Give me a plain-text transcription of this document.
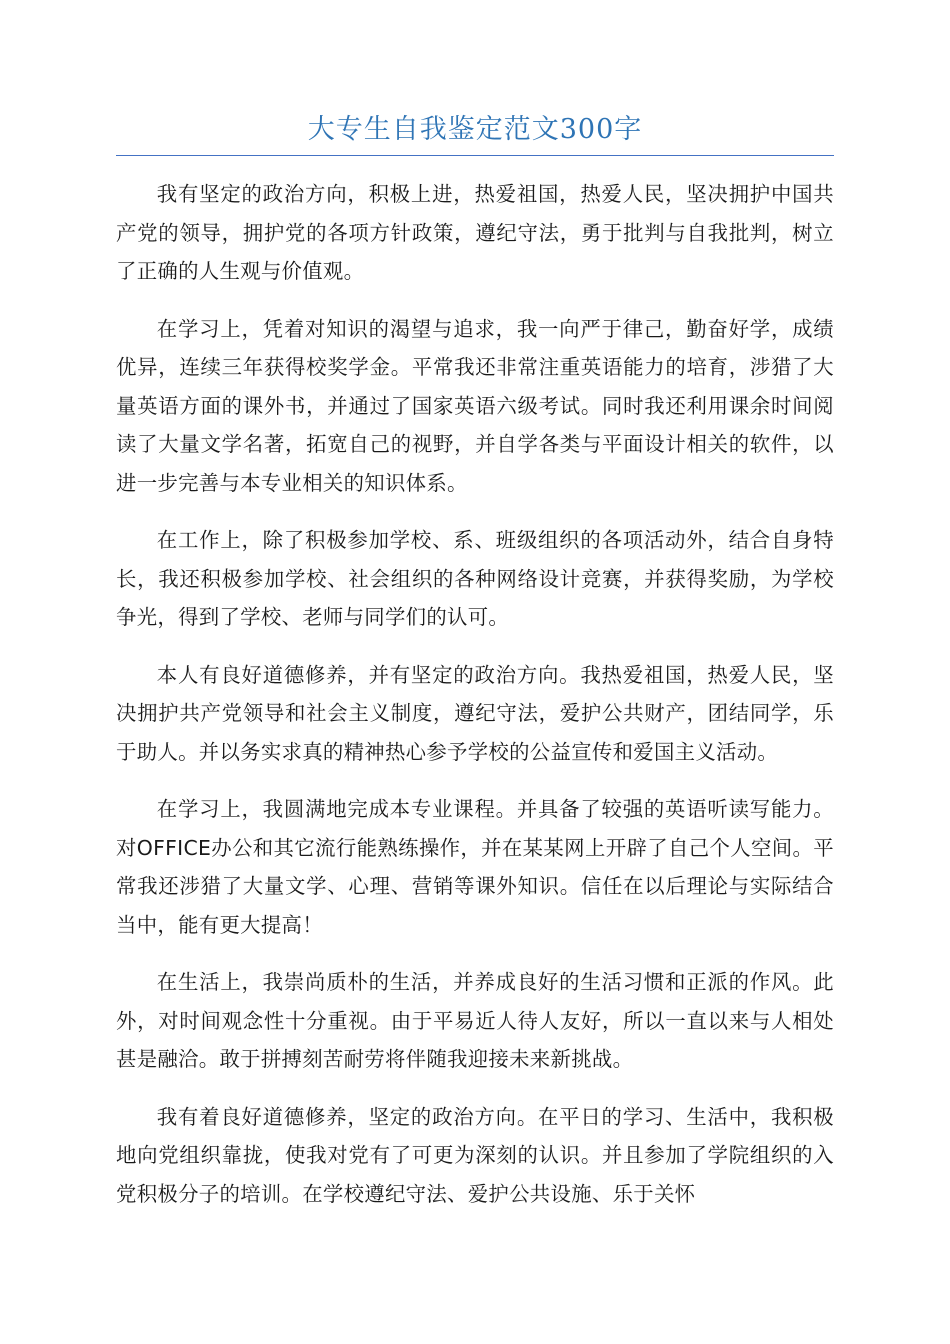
大专生自我鉴定范文300字

我有坚定的政治方向，积极上进，热爱祖国，热爱人民，坚决拥护中国共产党的领导，拥护党的各项方针政策，遵纪守法，勇于批判与自我批判，树立了正确的人生观与价值观。

在学习上，凭着对知识的渴望与追求，我一向严于律己，勤奋好学，成绩优异，连续三年获得校奖学金。平常我还非常注重英语能力的培育，涉猎了大量英语方面的课外书，并通过了国家英语六级考试。同时我还利用课余时间阅读了大量文学名著，拓宽自己的视野，并自学各类与平面设计相关的软件，以进一步完善与本专业相关的知识体系。

在工作上，除了积极参加学校、系、班级组织的各项活动外，结合自身特长，我还积极参加学校、社会组织的各种网络设计竞赛，并获得奖励，为学校争光，得到了学校、老师与同学们的认可。

本人有良好道德修养，并有坚定的政治方向。我热爱祖国，热爱人民，坚决拥护共产党领导和社会主义制度，遵纪守法，爱护公共财产，团结同学，乐于助人。并以务实求真的精神热心参予学校的公益宣传和爱国主义活动。

在学习上，我圆满地完成本专业课程。并具备了较强的英语听读写能力。对OFFICE办公和其它流行能熟练操作，并在某某网上开辟了自己个人空间。平常我还涉猎了大量文学、心理、营销等课外知识。信任在以后理论与实际结合当中，能有更大提高！

在生活上，我崇尚质朴的生活，并养成良好的生活习惯和正派的作风。此外，对时间观念性十分重视。由于平易近人待人友好，所以一直以来与人相处甚是融洽。敢于拼搏刻苦耐劳将伴随我迎接未来新挑战。

我有着良好道德修养，坚定的政治方向。在平日的学习、生活中，我积极地向党组织靠拢，使我对党有了可更为深刻的认识。并且参加了学院组织的入党积极分子的培训。在学校遵纪守法、爱护公共设施、乐于关怀
